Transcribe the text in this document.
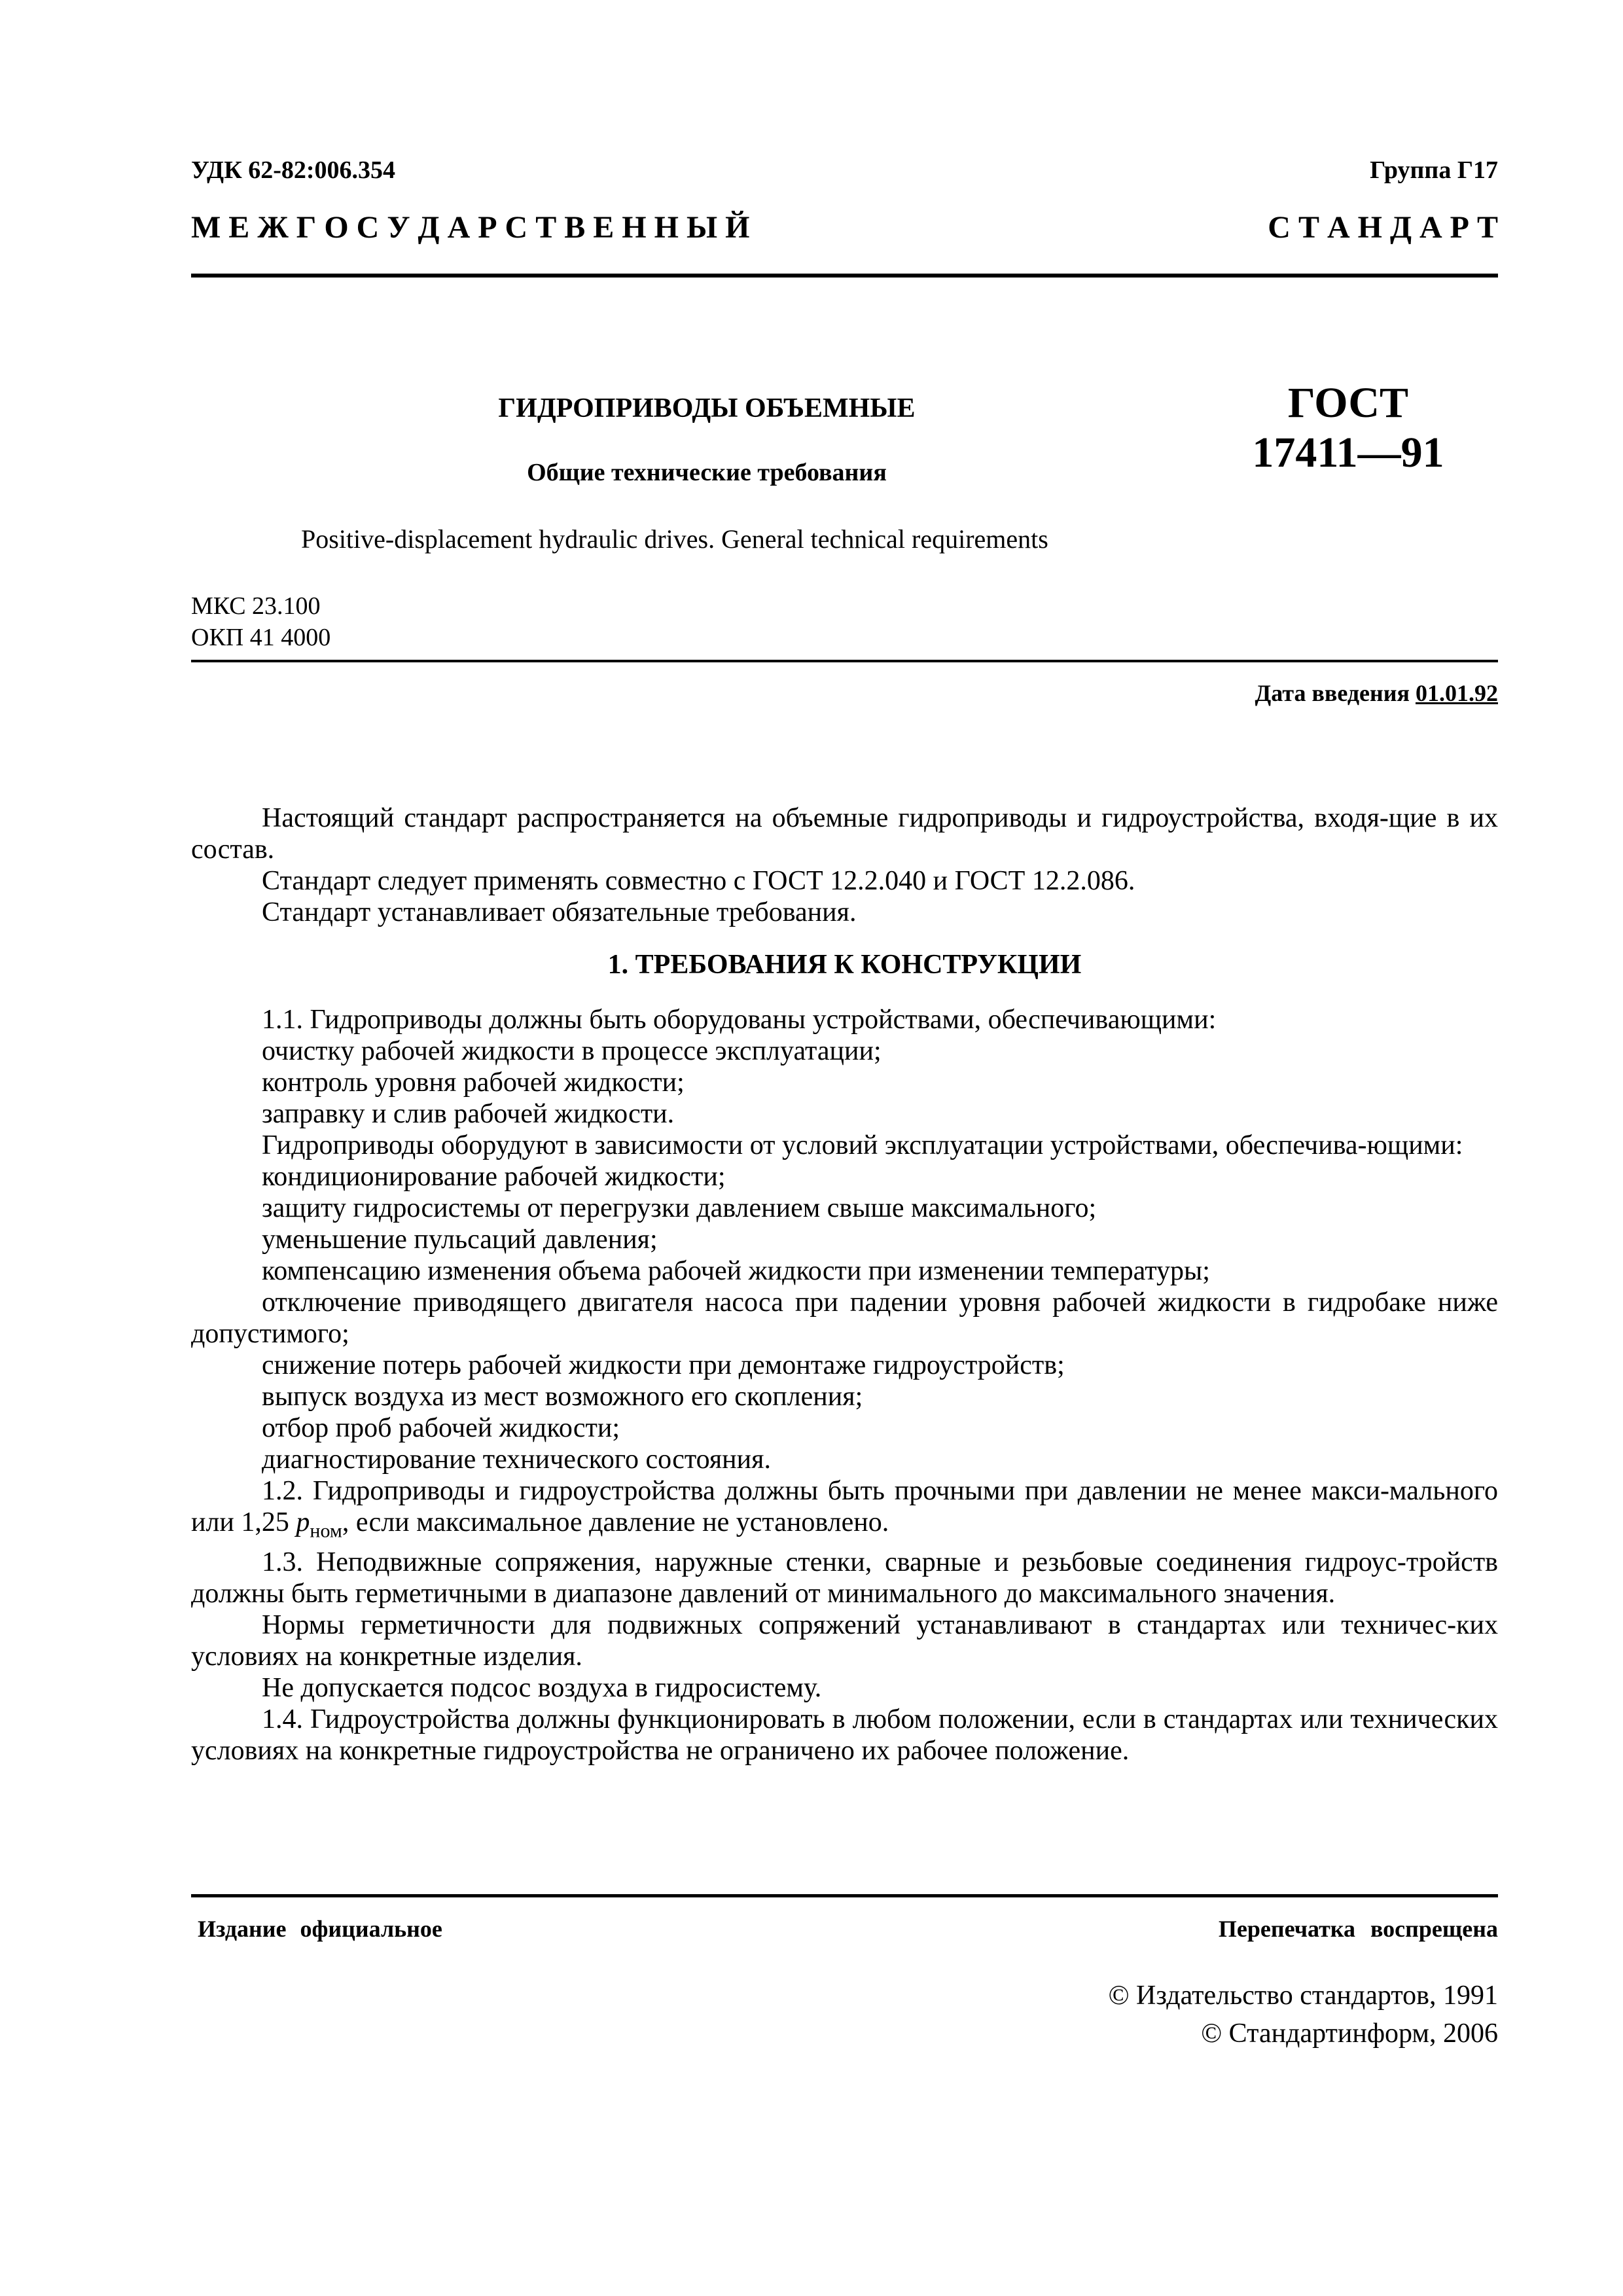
УДК 62-82:006.354	Группа Г17
М Е Ж Г О С У Д А Р С Т В Е Н Н Ы Й	С Т А Н Д А Р Т
ГИДРОПРИВОДЫ ОБЪЕМНЫЕ
Общие технические требования
ГОСТ
17411—91
Positive-displacement hydraulic drives. General technical requirements
МКС 23.100
ОКП 41 4000
Дата введения 01.01.92

Настоящий стандарт распространяется на объемные гидроприводы и гидроустройства, входя-щие в их состав.

Стандарт следует применять совместно с ГОСТ 12.2.040 и ГОСТ 12.2.086.

Стандарт устанавливает обязательные требования.

1. ТРЕБОВАНИЯ К КОНСТРУКЦИИ

1.1. Гидроприводы должны быть оборудованы устройствами, обеспечивающими:

очистку рабочей жидкости в процессе эксплуатации;

контроль уровня рабочей жидкости;

заправку и слив рабочей жидкости.

Гидроприводы оборудуют в зависимости от условий эксплуатации устройствами, обеспечива-ющими:

кондиционирование рабочей жидкости;

защиту гидросистемы от перегрузки давлением свыше максимального;

уменьшение пульсаций давления;

компенсацию изменения объема рабочей жидкости при изменении температуры;

отключение приводящего двигателя насоса при падении уровня рабочей жидкости в гидробаке ниже допустимого;

снижение потерь рабочей жидкости при демонтаже гидроустройств;

выпуск воздуха из мест возможного его скопления;

отбор проб рабочей жидкости;

диагностирование технического состояния.

1.2. Гидроприводы и гидроустройства должны быть прочными при давлении не менее макси-мального или 1,25 $p_{ном}$, если максимальное давление не установлено.

1.3. Неподвижные сопряжения, наружные стенки, сварные и резьбовые соединения гидроус-тройств должны быть герметичными в диапазоне давлений от минимального до максимального значения.

Нормы герметичности для подвижных сопряжений устанавливают в стандартах или техничес-ких условиях на конкретные изделия.

Не допускается подсос воздуха в гидросистему.

1.4. Гидроустройства должны функционировать в любом положении, если в стандартах или технических условиях на конкретные гидроустройства не ограничено их рабочее положение.

Издание официальное	Перепечатка воспрещена
© Издательство стандартов, 1991
© Стандартинформ, 2006
